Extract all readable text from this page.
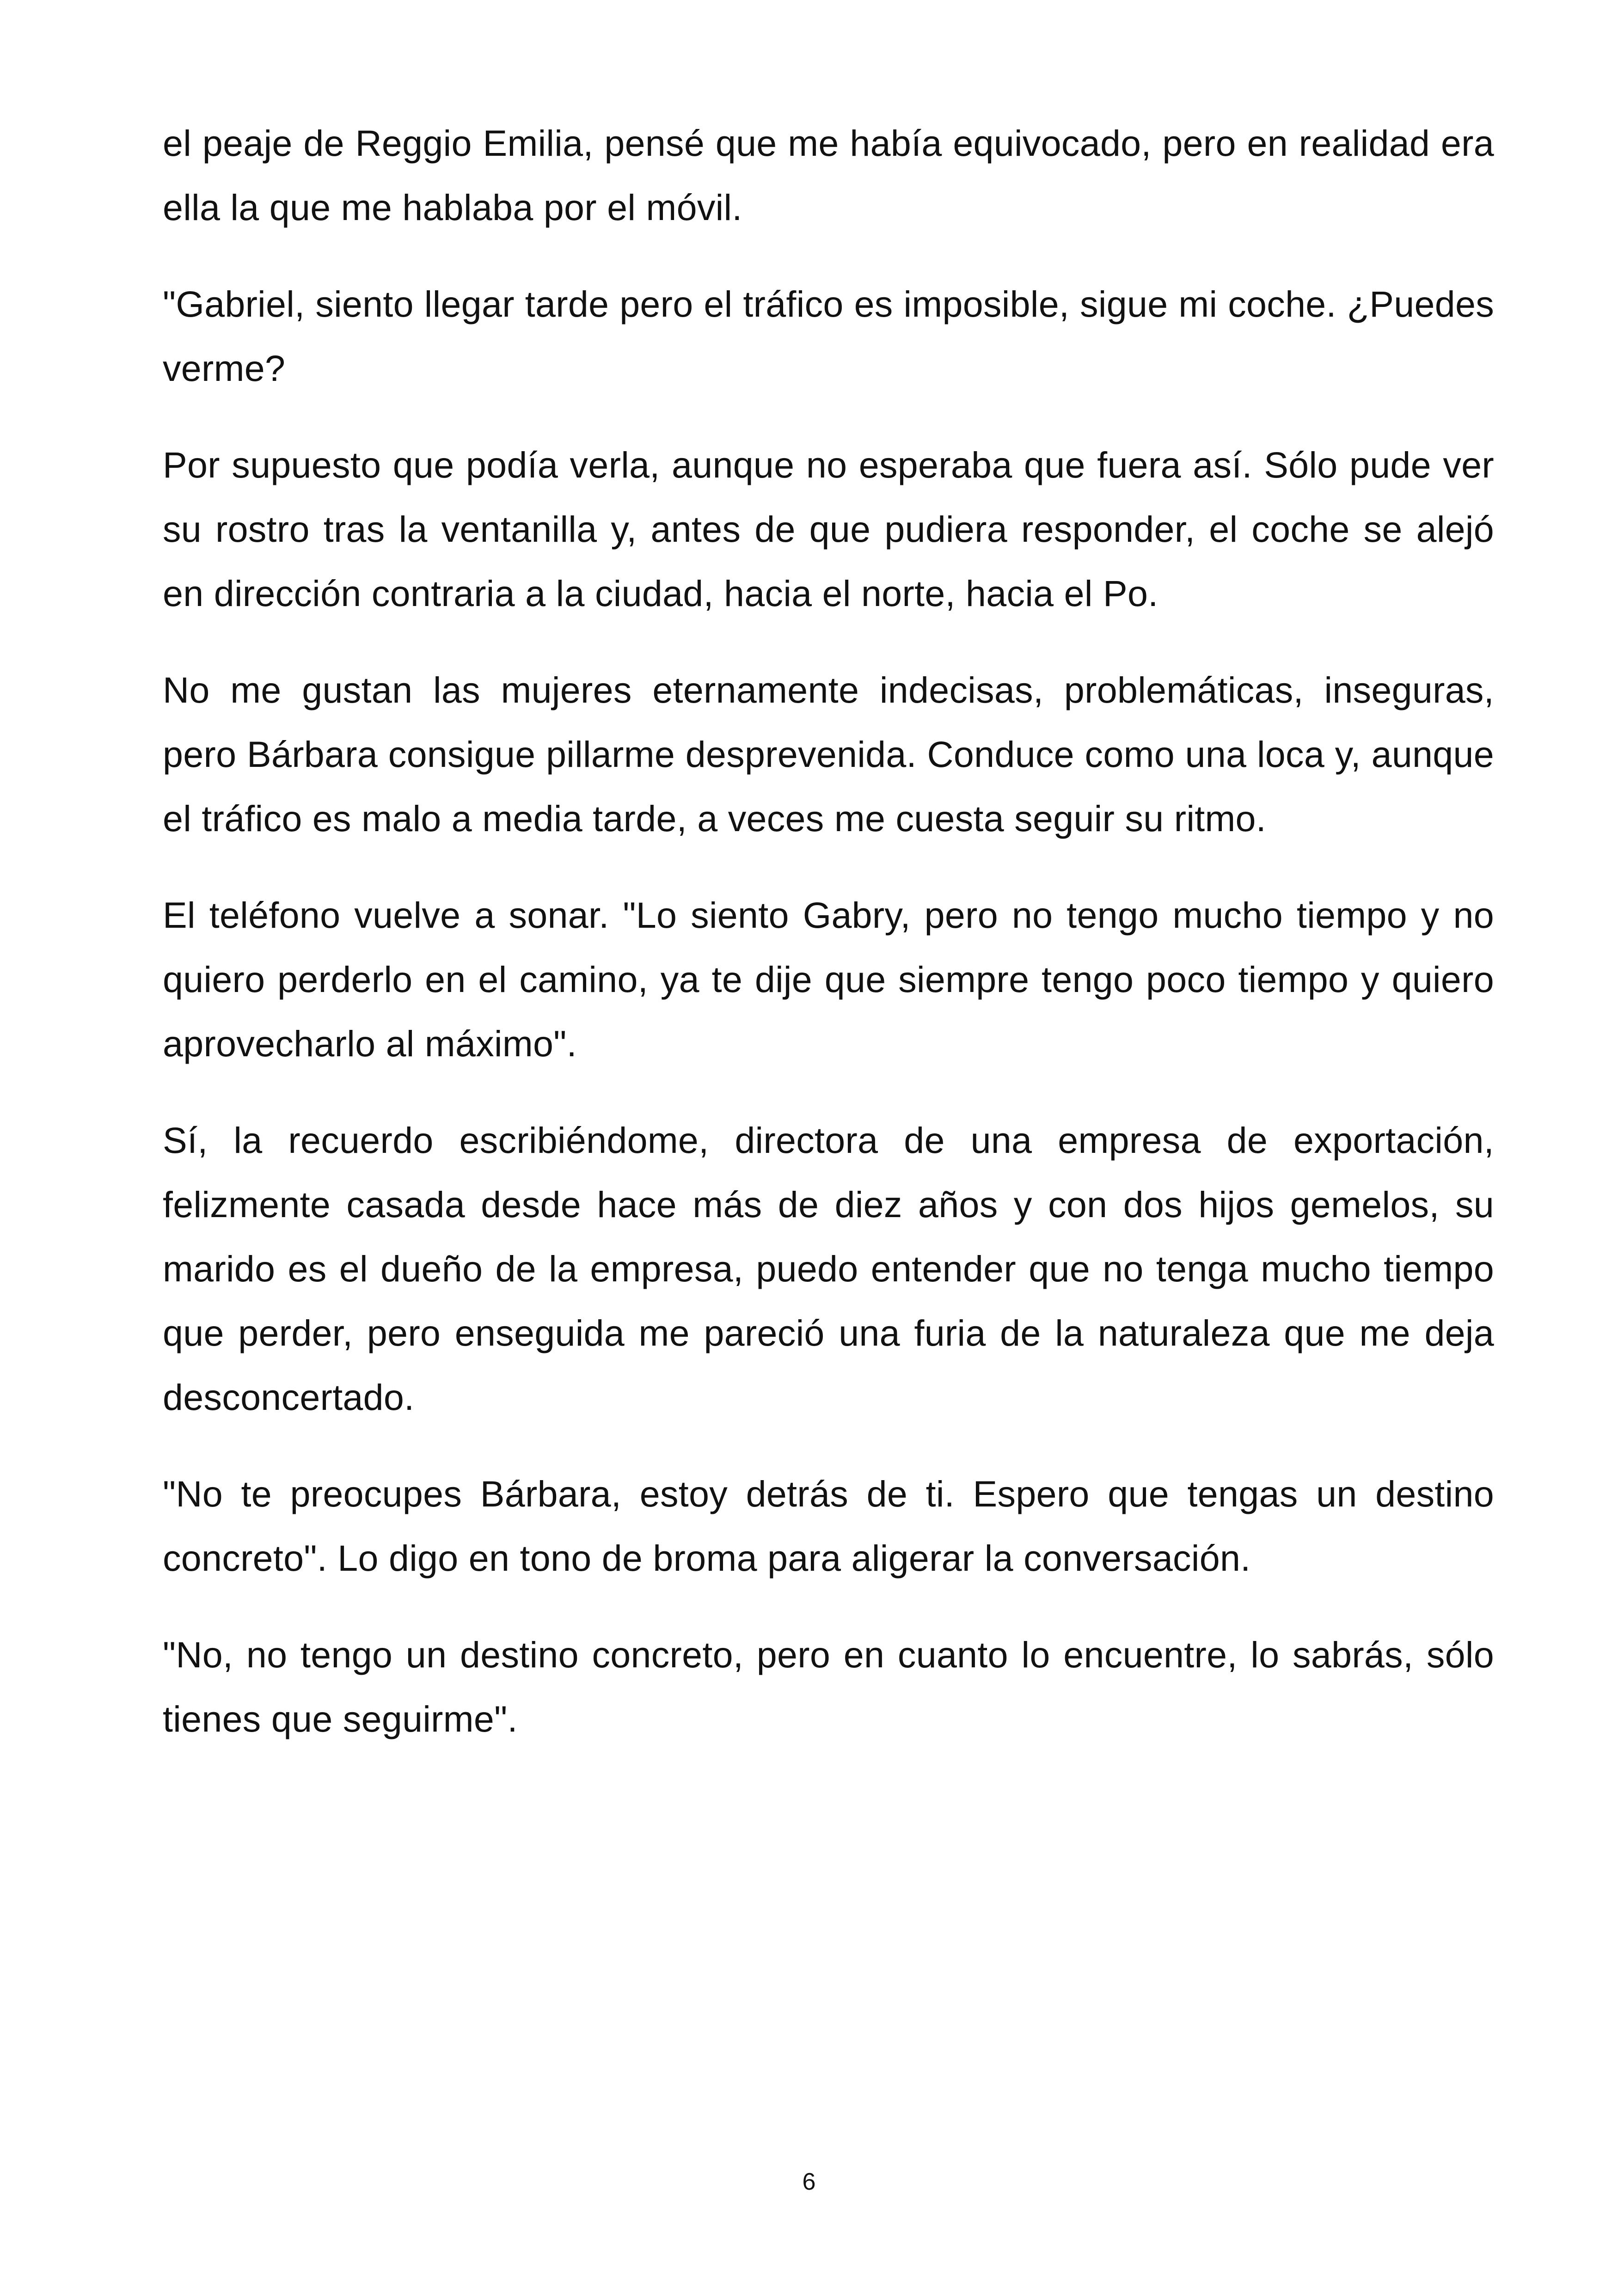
el peaje de Reggio Emilia, pensé que me había equivocado, pero en realidad era ella la que me hablaba por el móvil.

"Gabriel, siento llegar tarde pero el tráfico es imposible, sigue mi coche. ¿Puedes verme?

Por supuesto que podía verla, aunque no esperaba que fuera así. Sólo pude ver su rostro tras la ventanilla y, antes de que pudiera responder, el coche se alejó en dirección contraria a la ciudad, hacia el norte, hacia el Po.

No me gustan las mujeres eternamente indecisas, problemáticas, inseguras, pero Bárbara consigue pillarme desprevenida. Conduce como una loca y, aunque el tráfico es malo a media tarde, a veces me cuesta seguir su ritmo.

El teléfono vuelve a sonar. "Lo siento Gabry, pero no tengo mucho tiempo y no quiero perderlo en el camino, ya te dije que siempre tengo poco tiempo y quiero aprovecharlo al máximo".

Sí, la recuerdo escribiéndome, directora de una empresa de exportación, felizmente casada desde hace más de diez años y con dos hijos gemelos, su marido es el dueño de la empresa, puedo entender que no tenga mucho tiempo que perder, pero enseguida me pareció una furia de la naturaleza que me deja desconcertado.

"No te preocupes Bárbara, estoy detrás de ti. Espero que tengas un destino concreto". Lo digo en tono de broma para aligerar la conversación.

"No, no tengo un destino concreto, pero en cuanto lo encuentre, lo sabrás, sólo tienes que seguirme".

6
